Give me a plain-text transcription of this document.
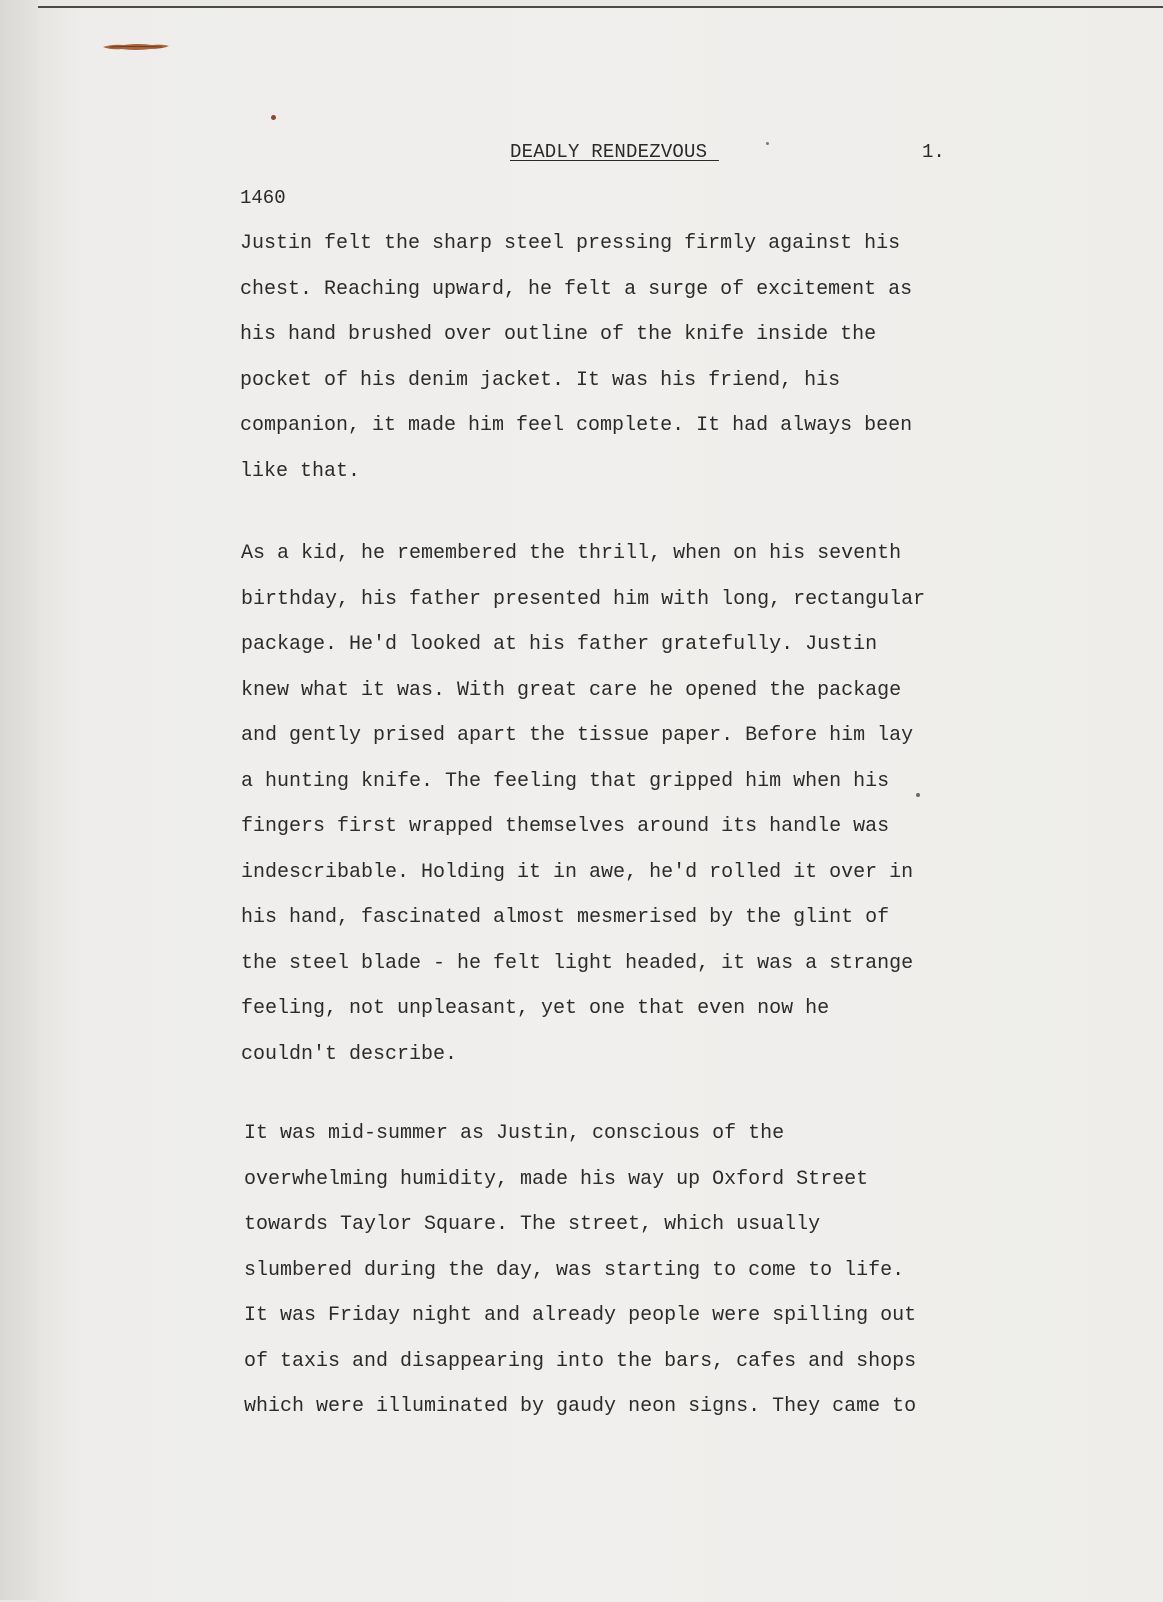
DEADLY RENDEZVOUS	1.
1460
Justin felt the sharp steel pressing firmly against his
chest. Reaching upward, he felt a surge of excitement as
his hand brushed over outline of the knife inside the
pocket of his denim jacket. It was his friend, his
companion, it made him feel complete. It had always been
like that.
As a kid, he remembered the thrill, when on his seventh
birthday, his father presented him with long, rectangular
package. He'd looked at his father gratefully. Justin
knew what it was. With great care he opened the package
and gently prised apart the tissue paper. Before him lay
a hunting knife. The feeling that gripped him when his
fingers first wrapped themselves around its handle was
indescribable. Holding it in awe, he'd rolled it over in
his hand, fascinated almost mesmerised by the glint of
the steel blade - he felt light headed, it was a strange
feeling, not unpleasant, yet one that even now he
couldn't describe.
It was mid-summer as Justin, conscious of the
overwhelming humidity, made his way up Oxford Street
towards Taylor Square. The street, which usually
slumbered during the day, was starting to come to life.
It was Friday night and already people were spilling out
of taxis and disappearing into the bars, cafes and shops
which were illuminated by gaudy neon signs. They came to
